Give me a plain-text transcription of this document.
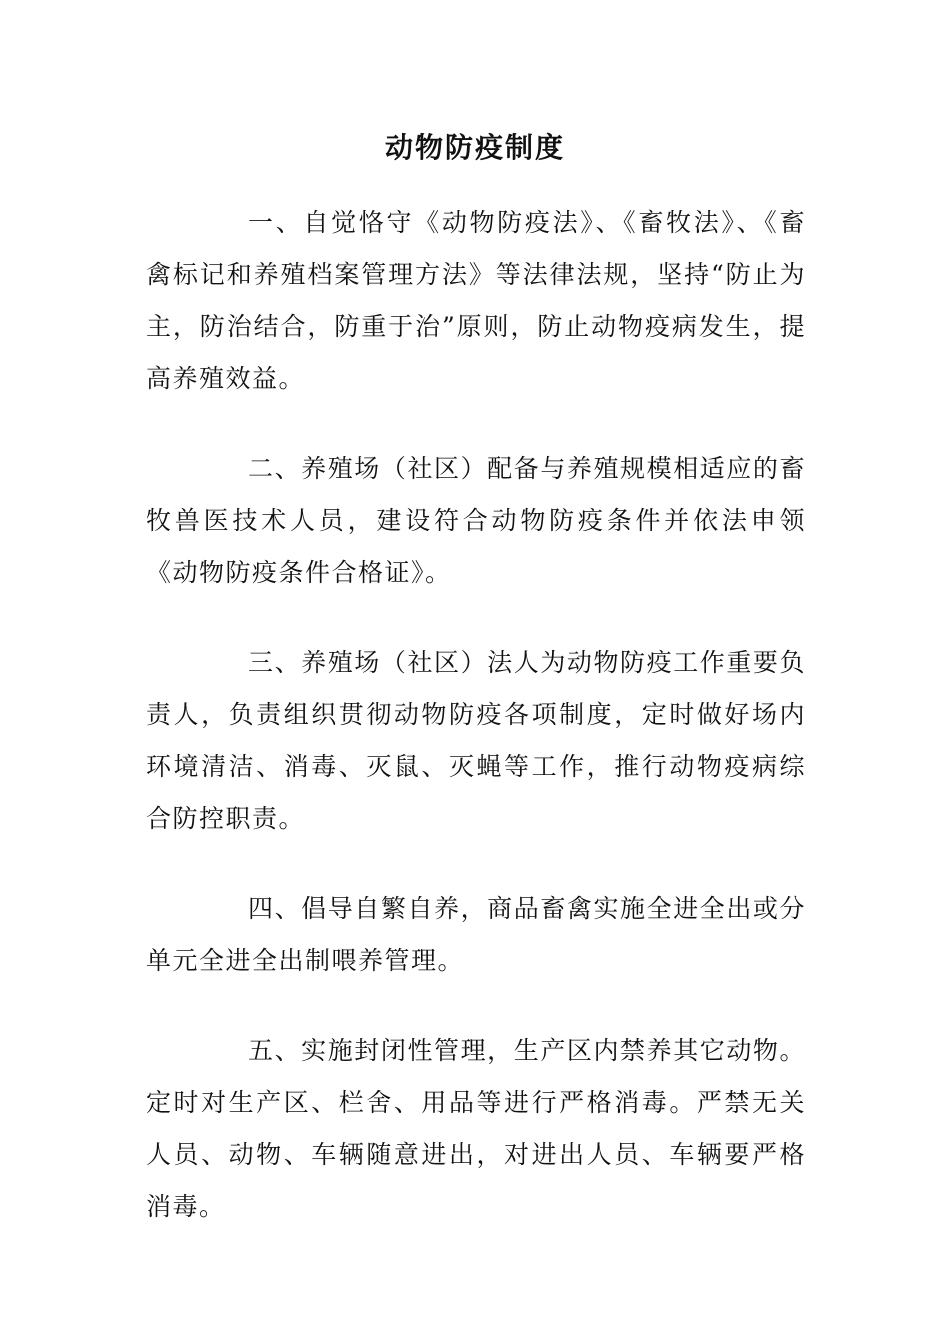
动物防疫制度

一、自觉恪守《动物防疫法》、《畜牧法》、《畜禽标记和养殖档案管理方法》等法律法规，坚持“防止为主，防治结合，防重于治”原则，防止动物疫病发生，提高养殖效益。

二、养殖场（社区）配备与养殖规模相适应的畜牧兽医技术人员，建设符合动物防疫条件并依法申领《动物防疫条件合格证》。

三、养殖场（社区）法人为动物防疫工作重要负责人，负责组织贯彻动物防疫各项制度，定时做好场内环境清洁、消毒、灭鼠、灭蝇等工作，推行动物疫病综合防控职责。

四、倡导自繁自养，商品畜禽实施全进全出或分单元全进全出制喂养管理。

五、实施封闭性管理，生产区内禁养其它动物。定时对生产区、栏舍、用品等进行严格消毒。严禁无关人员、动物、车辆随意进出，对进出人员、车辆要严格消毒。
